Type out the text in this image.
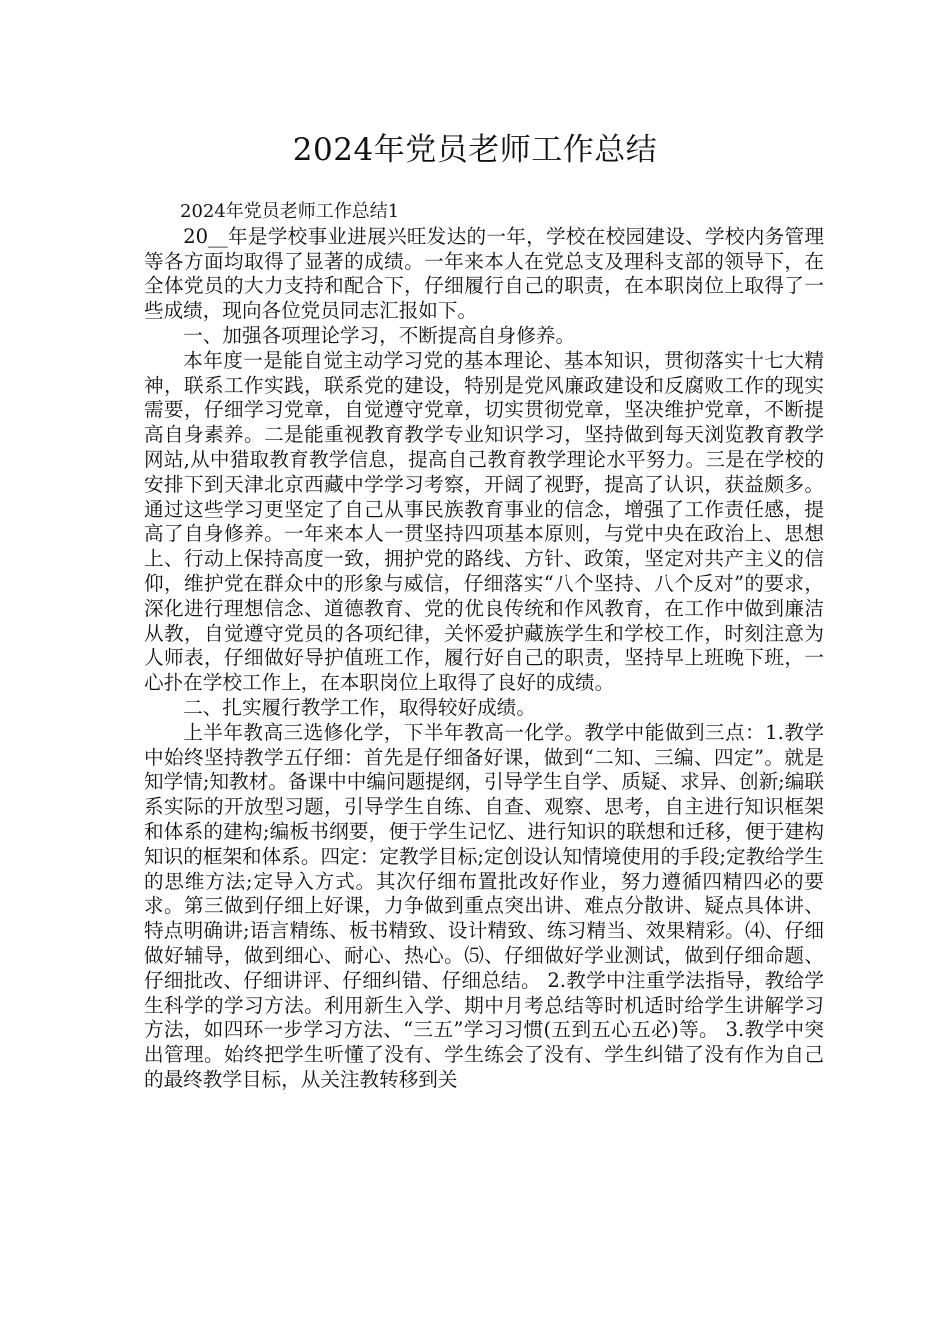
2024年党员老师工作总结

2024年党员老师工作总结1

20__年是学校事业进展兴旺发达的一年，学校在校园建设、学校内务管理等各方面均取得了显著的成绩。一年来本人在党总支及理科支部的领导下，在全体党员的大力支持和配合下，仔细履行自己的职责，在本职岗位上取得了一些成绩，现向各位党员同志汇报如下。

一、加强各项理论学习，不断提高自身修养。

本年度一是能自觉主动学习党的基本理论、基本知识，贯彻落实十七大精神，联系工作实践，联系党的建设，特别是党风廉政建设和反腐败工作的现实需要，仔细学习党章，自觉遵守党章，切实贯彻党章，坚决维护党章，不断提高自身素养。二是能重视教育教学专业知识学习，坚持做到每天浏览教育教学网站,从中猎取教育教学信息，提高自己教育教学理论水平努力。三是在学校的安排下到天津北京西藏中学学习考察，开阔了视野，提高了认识，获益颇多。通过这些学习更坚定了自己从事民族教育事业的信念，增强了工作责任感，提高了自身修养。一年来本人一贯坚持四项基本原则，与党中央在政治上、思想上、行动上保持高度一致，拥护党的路线、方针、政策，坚定对共产主义的信仰，维护党在群众中的形象与威信，仔细落实“八个坚持、八个反对”的要求，深化进行理想信念、道德教育、党的优良传统和作风教育，在工作中做到廉洁从教，自觉遵守党员的各项纪律，关怀爱护藏族学生和学校工作，时刻注意为人师表，仔细做好导护值班工作，履行好自己的职责，坚持早上班晚下班，一心扑在学校工作上，在本职岗位上取得了良好的成绩。

二、扎实履行教学工作，取得较好成绩。

上半年教高三选修化学，下半年教高一化学。教学中能做到三点：1.教学中始终坚持教学五仔细：首先是仔细备好课，做到“二知、三编、四定”。就是知学情;知教材。备课中中编问题提纲，引导学生自学、质疑、求异、创新;编联系实际的开放型习题，引导学生自练、自查、观察、思考，自主进行知识框架和体系的建构;编板书纲要，便于学生记忆、进行知识的联想和迁移，便于建构知识的框架和体系。四定：定教学目标;定创设认知情境使用的手段;定教给学生的思维方法;定导入方式。其次仔细布置批改好作业，努力遵循四精四必的要求。第三做到仔细上好课，力争做到重点突出讲、难点分散讲、疑点具体讲、特点明确讲;语言精练、板书精致、设计精致、练习精当、效果精彩。⑷、仔细做好辅导，做到细心、耐心、热心。⑸、仔细做好学业测试，做到仔细命题、仔细批改、仔细讲评、仔细纠错、仔细总结。 2.教学中注重学法指导，教给学生科学的学习方法。利用新生入学、期中月考总结等时机适时给学生讲解学习方法，如四环一步学习方法、“三五”学习习惯(五到五心五必)等。 3.教学中突出管理。始终把学生听懂了没有、学生练会了没有、学生纠错了没有作为自己的最终教学目标，从关注教转移到关
